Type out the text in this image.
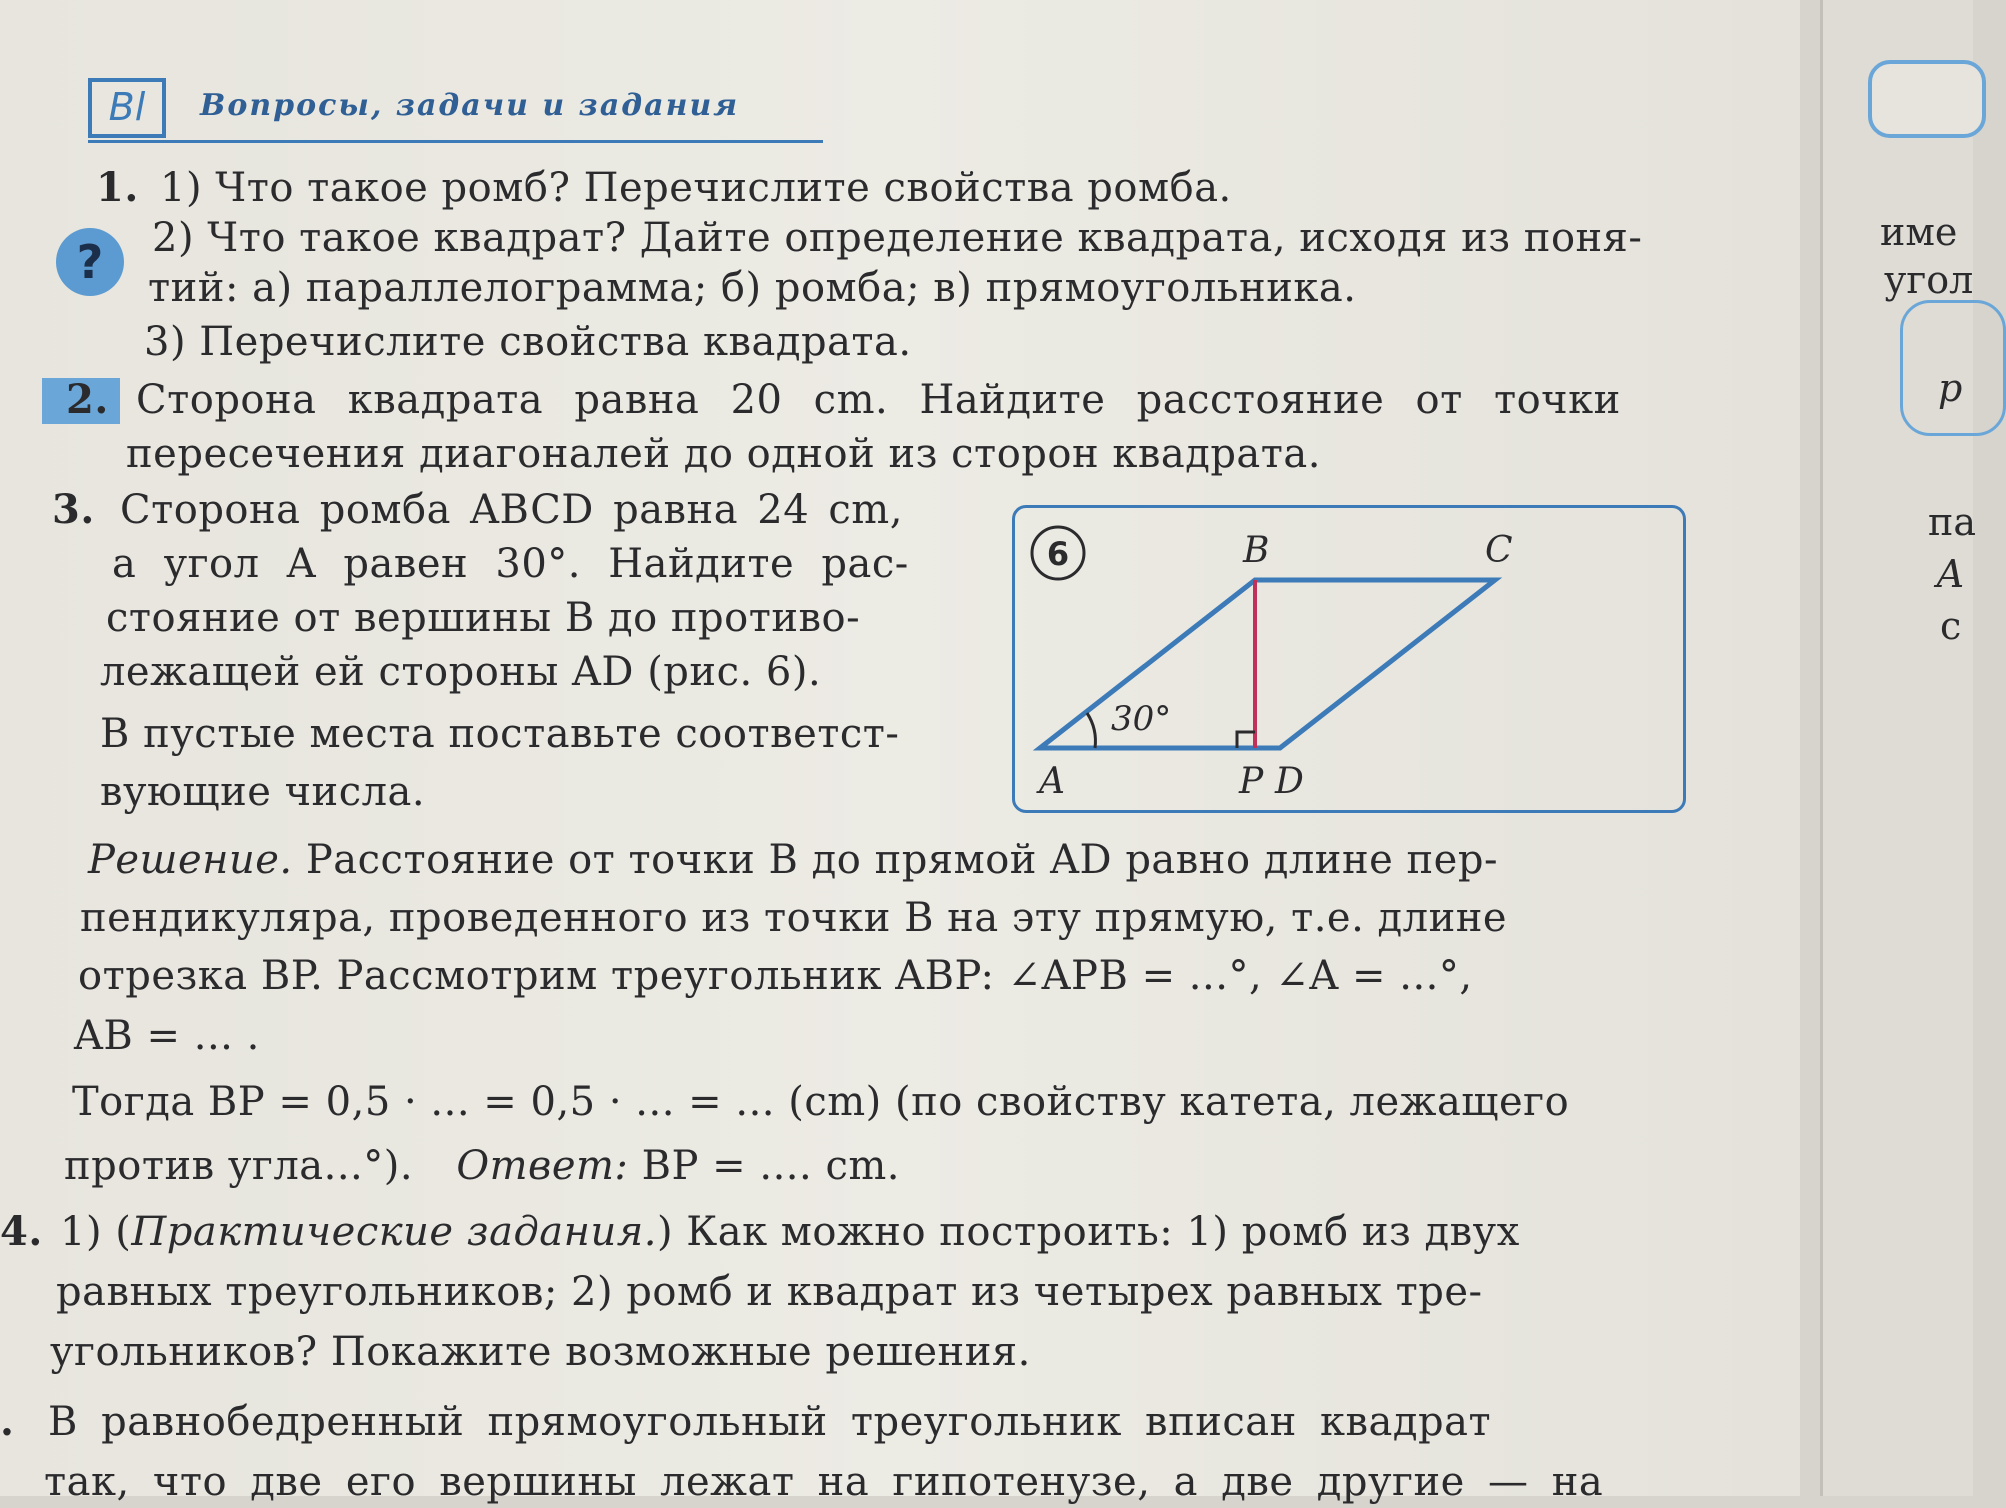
Bl	Вопросы, задачи и задания
1. 1) Что такое ромб? Перечислите свойства ромба.
?	2) Что такое квадрат? Дайте определение квадрата, исходя из поня-
тий: а) параллелограмма; б) ромба; в) прямоугольника.
3) Перечислите свойства квадрата.
2. Сторона квадрата равна 20 cm. Найдите расстояние от точки
пересечения диагоналей до одной из сторон квадрата.
3. Сторона ромба ABCD равна 24 cm,
а угол A равен 30°. Найдите рас-
стояние от вершины B до противо-
лежащей ей стороны AD (рис. 6).
В пустые места поставьте соответст-
вующие числа.
6
30°
A
B	C
P D
Решение. Расстояние от точки B до прямой AD равно длине пер-
пендикуляра, проведенного из точки B на эту прямую, т.е. длине
отрезка BP. Рассмотрим треугольник ABP: ∠APB = ...°, ∠A = ...°,
AB = ... .
Тогда BP = 0,5 · ... = 0,5 · ... = ... (cm) (по свойству катета, лежащего
против угла...°). Ответ: BP = .... cm.
4. 1) (Практические задания.) Как можно построить: 1) ромб из двух
равных треугольников; 2) ромб и квадрат из четырех равных тре-
угольников? Покажите возможные решения.
. В равнобедренный прямоугольный треугольник вписан квадрат
так, что две его вершины лежат на гипотенузе, а две другие — на
име
угол
р
па
А
с
